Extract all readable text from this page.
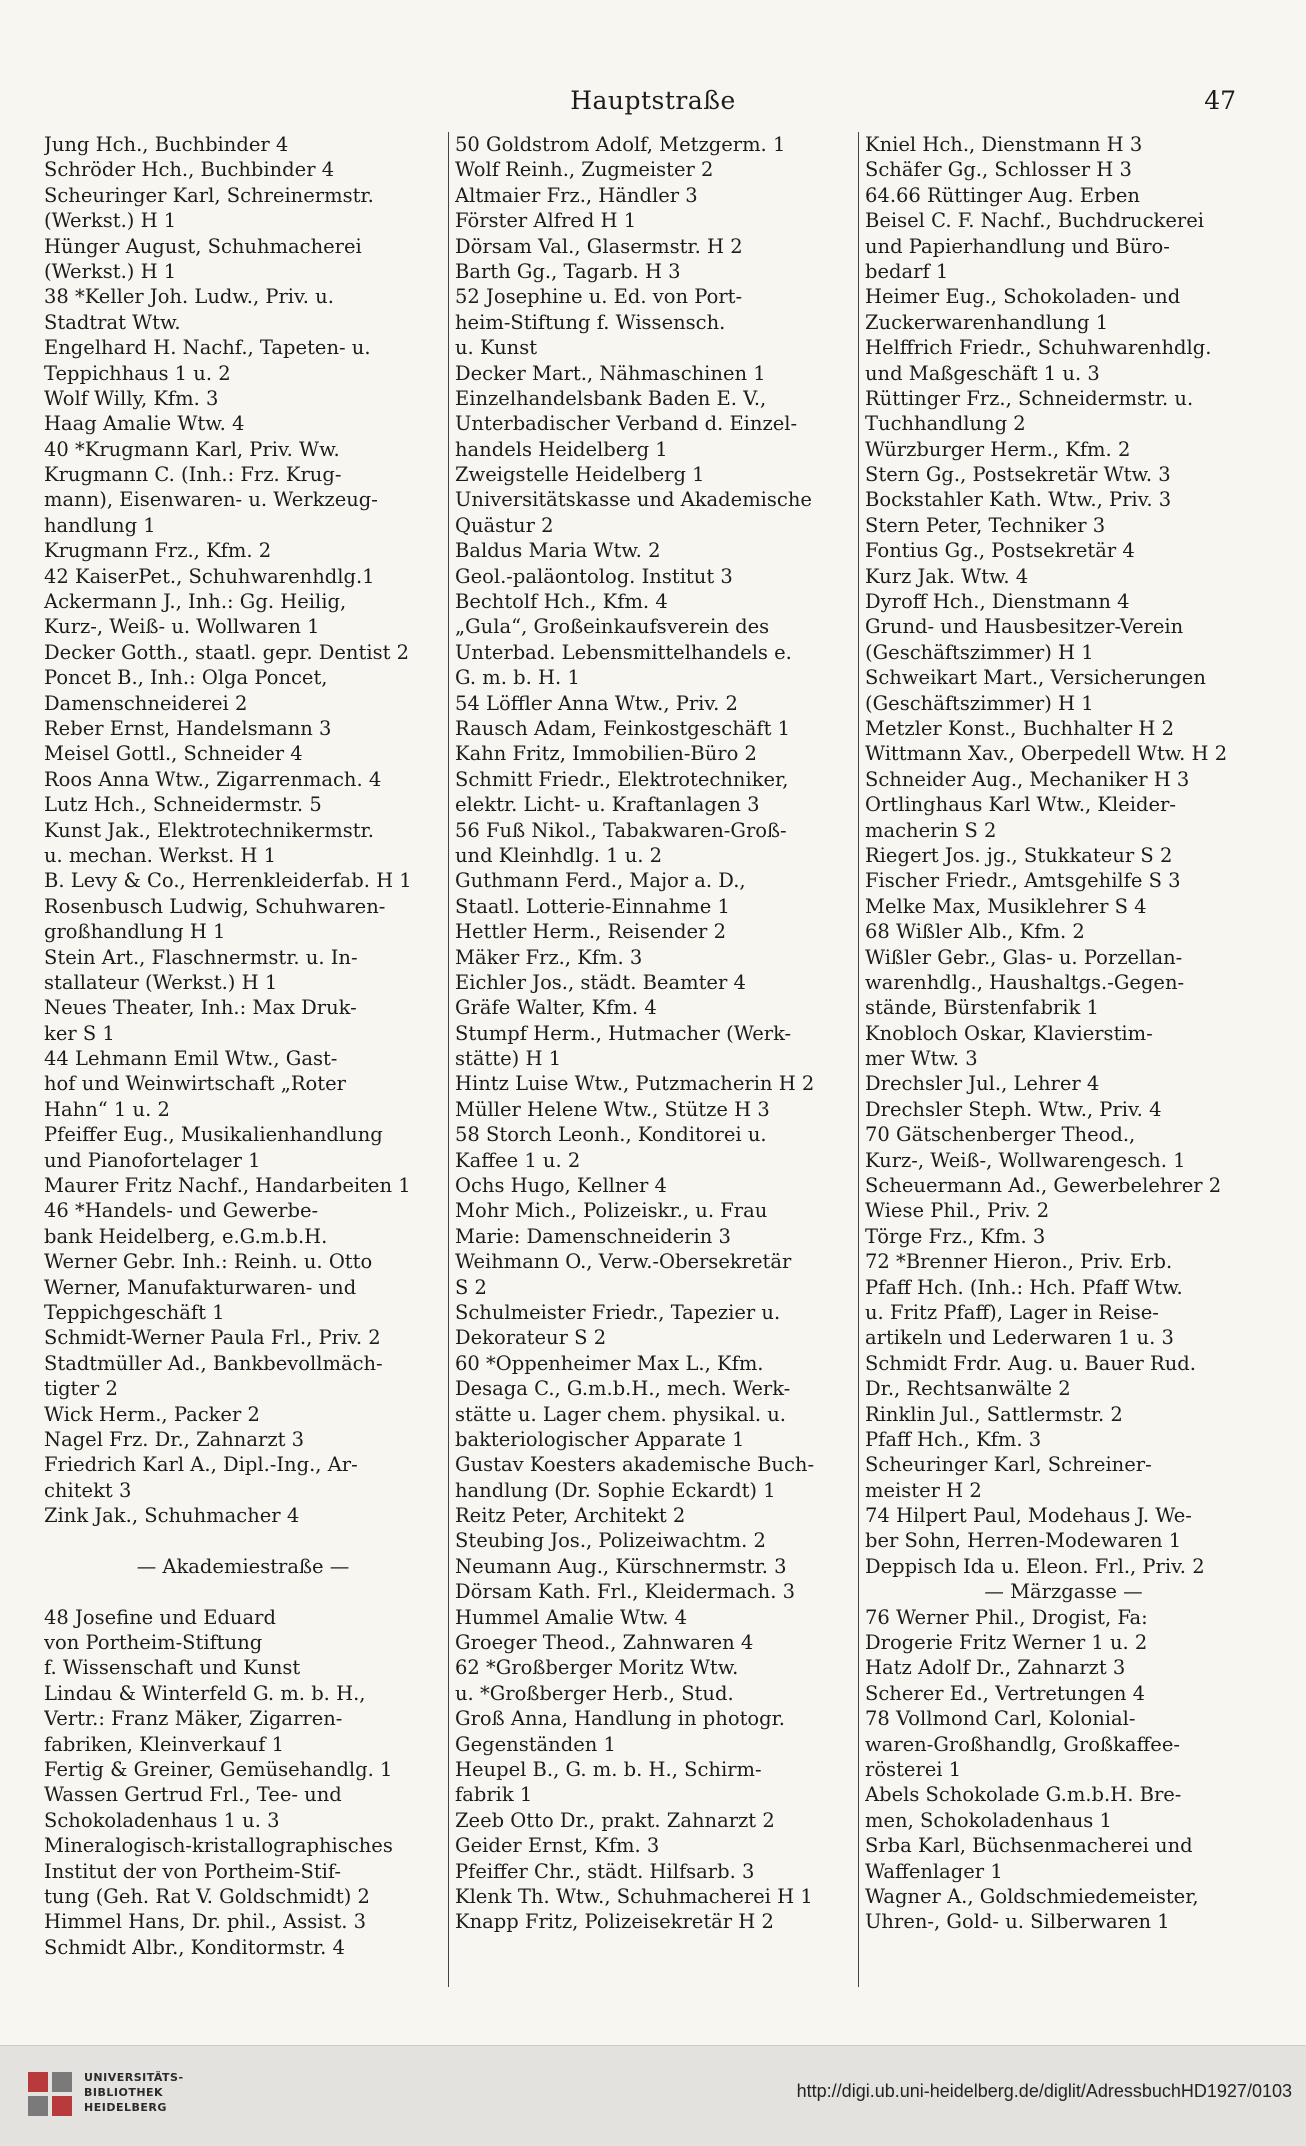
Hauptstraße	47
Jung Hch., Buchbinder 4
Schröder Hch., Buchbinder 4
Scheuringer Karl, Schreinermstr.
(Werkst.) H 1
Hünger August, Schuhmacherei
(Werkst.) H 1
38 *Keller Joh. Ludw., Priv. u.
Stadtrat Wtw.
Engelhard H. Nachf., Tapeten- u.
Teppichhaus 1 u. 2
Wolf Willy, Kfm. 3
Haag Amalie Wtw. 4
40 *Krugmann Karl, Priv. Ww.
Krugmann C. (Inh.: Frz. Krug-
mann), Eisenwaren- u. Werkzeug-
handlung 1
Krugmann Frz., Kfm. 2
42 KaiserPet., Schuhwarenhdlg.1
Ackermann J., Inh.: Gg. Heilig,
Kurz-, Weiß- u. Wollwaren 1
Decker Gotth., staatl. gepr. Dentist 2
Poncet B., Inh.: Olga Poncet,
Damenschneiderei 2
Reber Ernst, Handelsmann 3
Meisel Gottl., Schneider 4
Roos Anna Wtw., Zigarrenmach. 4
Lutz Hch., Schneidermstr. 5
Kunst Jak., Elektrotechnikermstr.
u. mechan. Werkst. H 1
B. Levy & Co., Herrenkleiderfab. H 1
Rosenbusch Ludwig, Schuhwaren-
großhandlung H 1
Stein Art., Flaschnermstr. u. In-
stallateur (Werkst.) H 1
Neues Theater, Inh.: Max Druk-
ker S 1
44 Lehmann Emil Wtw., Gast-
hof und Weinwirtschaft „Roter
Hahn“ 1 u. 2
Pfeiffer Eug., Musikalienhandlung
und Pianofortelager 1
Maurer Fritz Nachf., Handarbeiten 1
46 *Handels- und Gewerbe-
bank Heidelberg, e.G.m.b.H.
Werner Gebr. Inh.: Reinh. u. Otto
Werner, Manufakturwaren- und
Teppichgeschäft 1
Schmidt-Werner Paula Frl., Priv. 2
Stadtmüller Ad., Bankbevollmäch-
tigter 2
Wick Herm., Packer 2
Nagel Frz. Dr., Zahnarzt 3
Friedrich Karl A., Dipl.-Ing., Ar-
chitekt 3
Zink Jak., Schuhmacher 4
— Akademiestraße —
48 Josefine und Eduard
von Portheim-Stiftung
f. Wissenschaft und Kunst
Lindau & Winterfeld G. m. b. H.,
Vertr.: Franz Mäker, Zigarren-
fabriken, Kleinverkauf 1
Fertig & Greiner, Gemüsehandlg. 1
Wassen Gertrud Frl., Tee- und
Schokoladenhaus 1 u. 3
Mineralogisch-kristallographisches
Institut der von Portheim-Stif-
tung (Geh. Rat V. Goldschmidt) 2
Himmel Hans, Dr. phil., Assist. 3
Schmidt Albr., Konditormstr. 4
50 Goldstrom Adolf, Metzgerm. 1
Wolf Reinh., Zugmeister 2
Altmaier Frz., Händler 3
Förster Alfred H 1
Dörsam Val., Glasermstr. H 2
Barth Gg., Tagarb. H 3
52 Josephine u. Ed. von Port-
heim-Stiftung f. Wissensch.
u. Kunst
Decker Mart., Nähmaschinen 1
Einzelhandelsbank Baden E. V.,
Unterbadischer Verband d. Einzel-
handels Heidelberg 1
Zweigstelle Heidelberg 1
Universitätskasse und Akademische
Quästur 2
Baldus Maria Wtw. 2
Geol.-paläontolog. Institut 3
Bechtolf Hch., Kfm. 4
„Gula“, Großeinkaufsverein des
Unterbad. Lebensmittelhandels e.
G. m. b. H. 1
54 Löffler Anna Wtw., Priv. 2
Rausch Adam, Feinkostgeschäft 1
Kahn Fritz, Immobilien-Büro 2
Schmitt Friedr., Elektrotechniker,
elektr. Licht- u. Kraftanlagen 3
56 Fuß Nikol., Tabakwaren-Groß-
und Kleinhdlg. 1 u. 2
Guthmann Ferd., Major a. D.,
Staatl. Lotterie-Einnahme 1
Hettler Herm., Reisender 2
Mäker Frz., Kfm. 3
Eichler Jos., städt. Beamter 4
Gräfe Walter, Kfm. 4
Stumpf Herm., Hutmacher (Werk-
stätte) H 1
Hintz Luise Wtw., Putzmacherin H 2
Müller Helene Wtw., Stütze H 3
58 Storch Leonh., Konditorei u.
Kaffee 1 u. 2
Ochs Hugo, Kellner 4
Mohr Mich., Polizeiskr., u. Frau
Marie: Damenschneiderin 3
Weihmann O., Verw.-Obersekretär
S 2
Schulmeister Friedr., Tapezier u.
Dekorateur S 2
60 *Oppenheimer Max L., Kfm.
Desaga C., G.m.b.H., mech. Werk-
stätte u. Lager chem. physikal. u.
bakteriologischer Apparate 1
Gustav Koesters akademische Buch-
handlung (Dr. Sophie Eckardt) 1
Reitz Peter, Architekt 2
Steubing Jos., Polizeiwachtm. 2
Neumann Aug., Kürschnermstr. 3
Dörsam Kath. Frl., Kleidermach. 3
Hummel Amalie Wtw. 4
Groeger Theod., Zahnwaren 4
62 *Großberger Moritz Wtw.
u. *Großberger Herb., Stud.
Groß Anna, Handlung in photogr.
Gegenständen 1
Heupel B., G. m. b. H., Schirm-
fabrik 1
Zeeb Otto Dr., prakt. Zahnarzt 2
Geider Ernst, Kfm. 3
Pfeiffer Chr., städt. Hilfsarb. 3
Klenk Th. Wtw., Schuhmacherei H 1
Knapp Fritz, Polizeisekretär H 2
Kniel Hch., Dienstmann H 3
Schäfer Gg., Schlosser H 3
64.66 Rüttinger Aug. Erben
Beisel C. F. Nachf., Buchdruckerei
und Papierhandlung und Büro-
bedarf 1
Heimer Eug., Schokoladen- und
Zuckerwarenhandlung 1
Helffrich Friedr., Schuhwarenhdlg.
und Maßgeschäft 1 u. 3
Rüttinger Frz., Schneidermstr. u.
Tuchhandlung 2
Würzburger Herm., Kfm. 2
Stern Gg., Postsekretär Wtw. 3
Bockstahler Kath. Wtw., Priv. 3
Stern Peter, Techniker 3
Fontius Gg., Postsekretär 4
Kurz Jak. Wtw. 4
Dyroff Hch., Dienstmann 4
Grund- und Hausbesitzer-Verein
(Geschäftszimmer) H 1
Schweikart Mart., Versicherungen
(Geschäftszimmer) H 1
Metzler Konst., Buchhalter H 2
Wittmann Xav., Oberpedell Wtw. H 2
Schneider Aug., Mechaniker H 3
Ortlinghaus Karl Wtw., Kleider-
macherin S 2
Riegert Jos. jg., Stukkateur S 2
Fischer Friedr., Amtsgehilfe S 3
Melke Max, Musiklehrer S 4
68 Wißler Alb., Kfm. 2
Wißler Gebr., Glas- u. Porzellan-
warenhdlg., Haushaltgs.-Gegen-
stände, Bürstenfabrik 1
Knobloch Oskar, Klavierstim-
mer Wtw. 3
Drechsler Jul., Lehrer 4
Drechsler Steph. Wtw., Priv. 4
70 Gätschenberger Theod.,
Kurz-, Weiß-, Wollwarengesch. 1
Scheuermann Ad., Gewerbelehrer 2
Wiese Phil., Priv. 2
Törge Frz., Kfm. 3
72 *Brenner Hieron., Priv. Erb.
Pfaff Hch. (Inh.: Hch. Pfaff Wtw.
u. Fritz Pfaff), Lager in Reise-
artikeln und Lederwaren 1 u. 3
Schmidt Frdr. Aug. u. Bauer Rud.
Dr., Rechtsanwälte 2
Rinklin Jul., Sattlermstr. 2
Pfaff Hch., Kfm. 3
Scheuringer Karl, Schreiner-
meister H 2
74 Hilpert Paul, Modehaus J. We-
ber Sohn, Herren-Modewaren 1
Deppisch Ida u. Eleon. Frl., Priv. 2
— Märzgasse —
76 Werner Phil., Drogist, Fa:
Drogerie Fritz Werner 1 u. 2
Hatz Adolf Dr., Zahnarzt 3
Scherer Ed., Vertretungen 4
78 Vollmond Carl, Kolonial-
waren-Großhandlg, Großkaffee-
rösterei 1
Abels Schokolade G.m.b.H. Bre-
men, Schokoladenhaus 1
Srba Karl, Büchsenmacherei und
Waffenlager 1
Wagner A., Goldschmiedemeister,
Uhren-, Gold- u. Silberwaren 1
UNIVERSITÄTS-
BIBLIOTHEK
HEIDELBERG
http://digi.ub.uni-heidelberg.de/diglit/AdressbuchHD1927/0103
